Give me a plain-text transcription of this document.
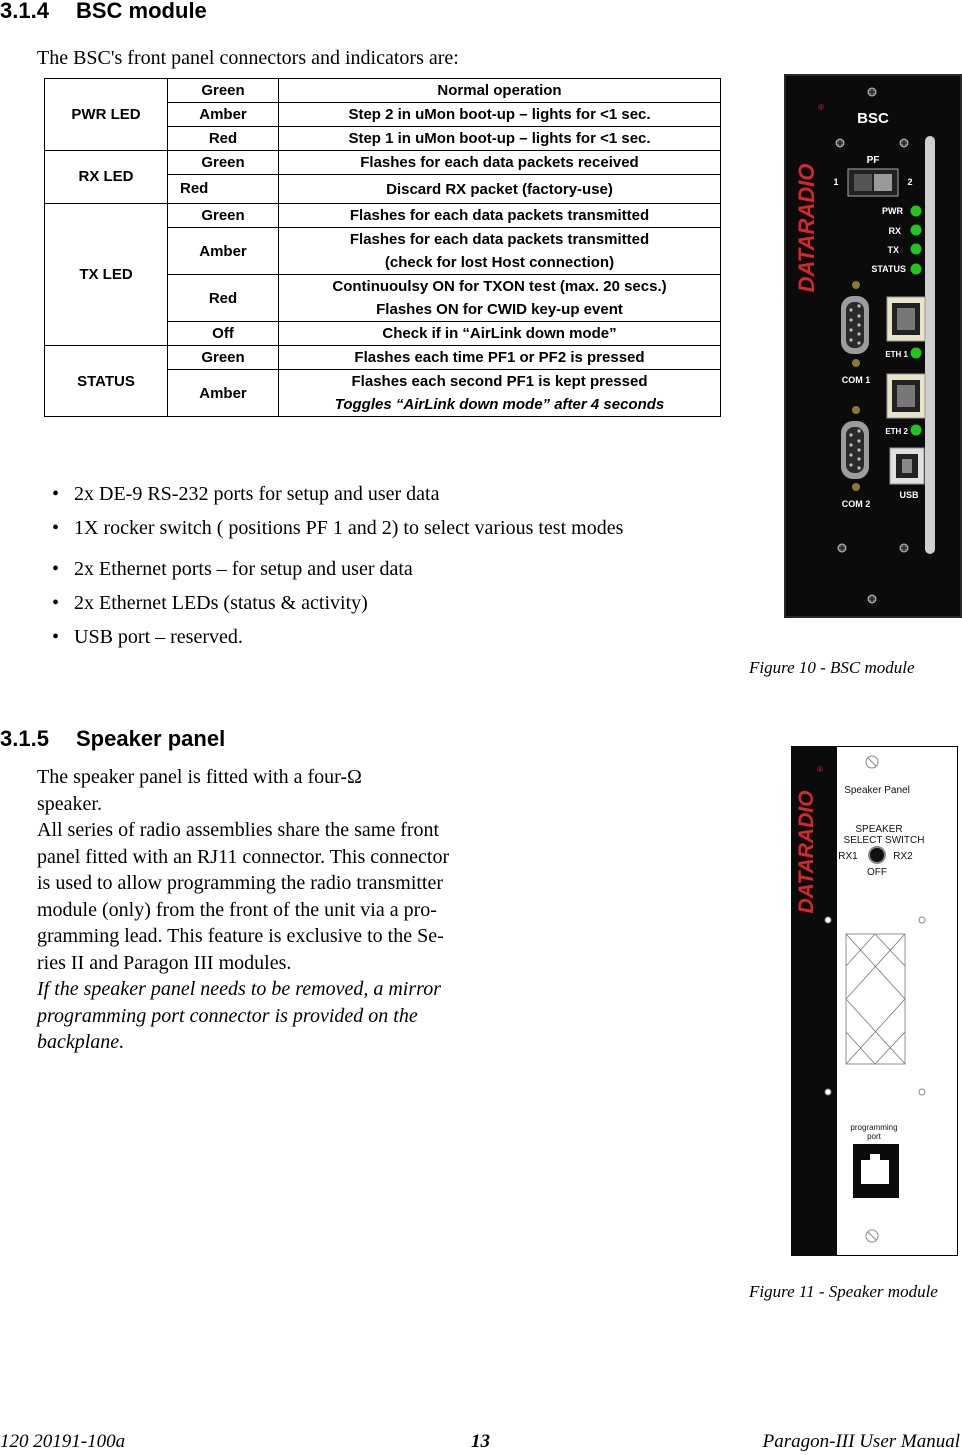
3.1.4 BSC module
The BSC's front panel connectors and indicators are:
PWR LED	Green	Normal operation
	Amber	Step 2 in uMon boot-up – lights for <1 sec.
	Red	Step 1 in uMon boot-up – lights for <1 sec.
RX LED	Green	Flashes for each data packets received
	Red	Discard RX packet (factory-use)
TX LED	Green	Flashes for each data packets transmitted
	Amber	Flashes for each data packets transmitted
(check for lost Host connection)

	Red	Continuoulsy ON for TXON test (max. 20 secs.)
Flashes ON for CWID key-up event

	Off	Check if in “AirLink down mode”
STATUS	Green	Flashes each time PF1 or PF2 is pressed
	Amber	Flashes each second PF1 is kept pressed
Toggles “AirLink down mode” after 4 seconds
• 2x DE-9 RS-232 ports for setup and user data
• 1X rocker switch ( positions PF 1 and 2) to select various test modes
• 2x Ethernet ports – for setup and user data
• 2x Ethernet LEDs (status & activity)
• USB port – reserved.
DATARADIO
®
BSC
PF
1	2
PWR
RX
TX
STATUS
COM 1
ETH 1
ETH 2
COM 2
USB
Figure 10 - BSC module
3.1.5 Speaker panel
The speaker panel is fitted with a four-Ω
speaker.
All series of radio assemblies share the same front
panel fitted with an RJ11 connector. This connector
is used to allow programming the radio transmitter
module (only) from the front of the unit via a pro-
gramming lead. This feature is exclusive to the Se-
ries II and Paragon III modules.
If the speaker panel needs to be removed, a mirror
programming port connector is provided on the
backplane.
DATARADIO
®
Speaker Panel
SPEAKER
SELECT SWITCH
RX1	RX2
OFF
programming
port
Figure 11 - Speaker module
120 20191-100a	13	Paragon-III User Manual
